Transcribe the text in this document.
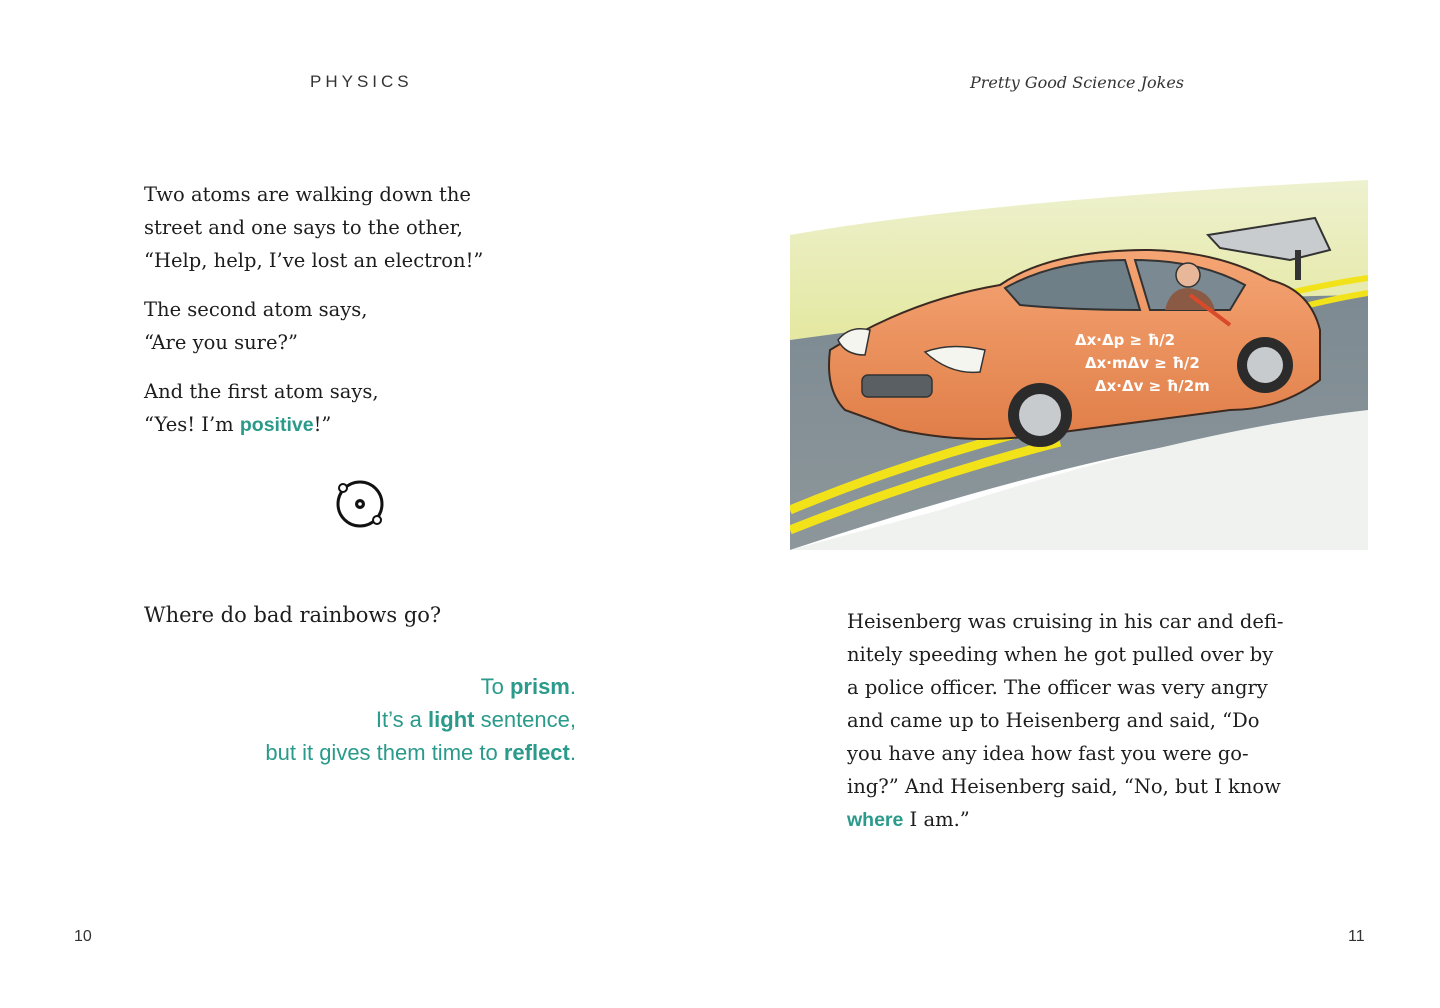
PHYSICS	Pretty Good Science Jokes

Two atoms are walking down the
street and one says to the other,
“Help, help, I’ve lost an electron!”

The second atom says,
“Are you sure?”

And the first atom says,
“Yes! I’m positive!”

Where do bad rainbows go?
To prism.
It’s a light sentence,
but it gives them time to reflect.
Δx·Δp ≥ ħ/2
Δx·mΔv ≥ ħ/2
Δx·Δv ≥ ħ/2m
Heisenberg was cruising in his car and defi-
nitely speeding when he got pulled over by
a police officer. The officer was very angry
and came up to Heisenberg and said, “Do
you have any idea how fast you were go-
ing?” And Heisenberg said, “No, but I know
where I am.”
10	11
